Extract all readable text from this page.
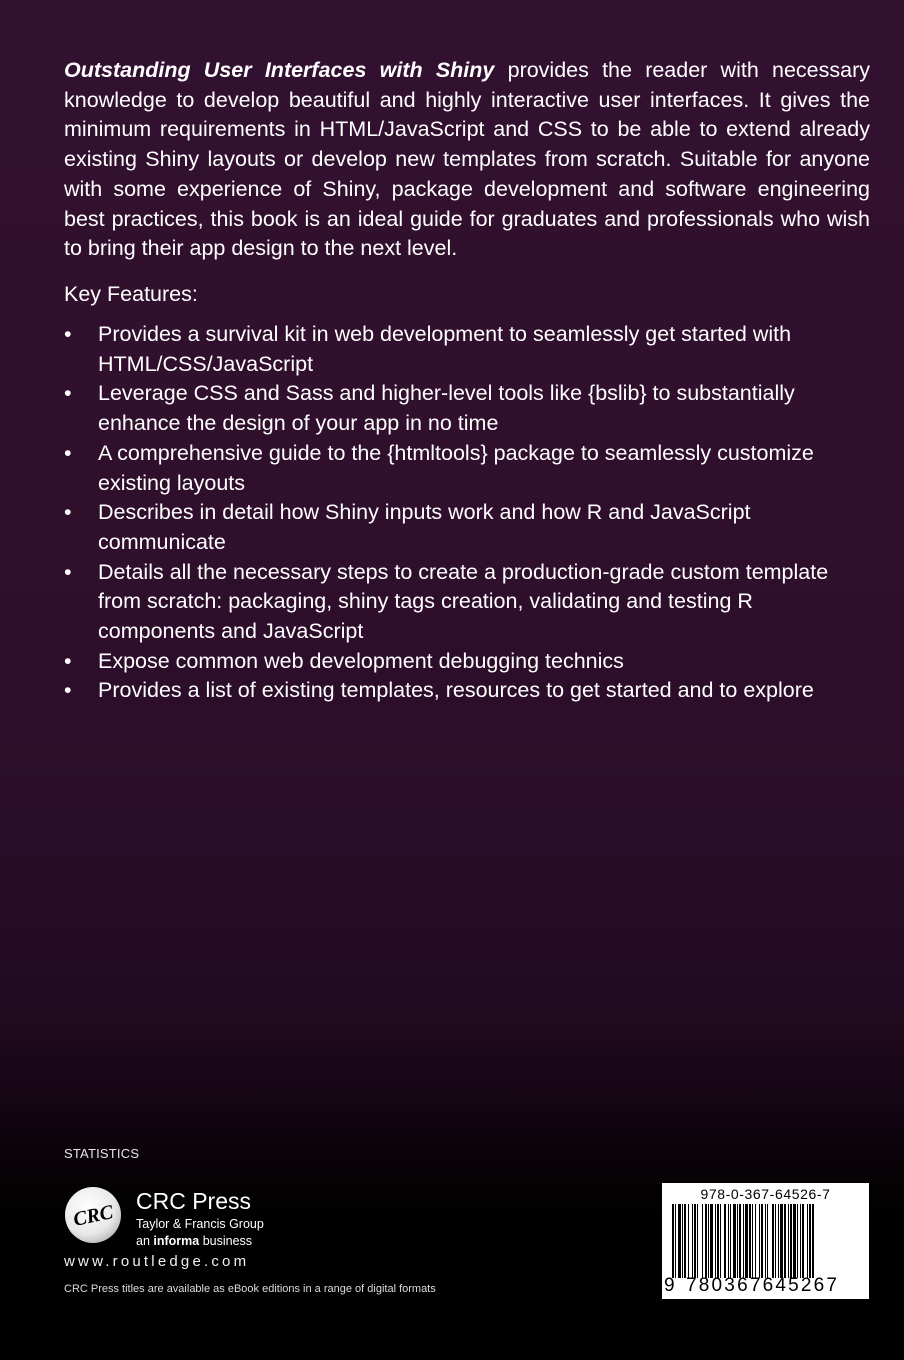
Outstanding User Interfaces with Shiny provides the reader with necessary knowledge to develop beautiful and highly interactive user interfaces. It gives the minimum requirements in HTML/JavaScript and CSS to be able to extend already existing Shiny layouts or develop new templates from scratch. Suitable for anyone with some experience of Shiny, package development and software engineering best practices, this book is an ideal guide for graduates and professionals who wish to bring their app design to the next level.

Key Features:

• Provides a survival kit in web development to seamlessly get started with HTML/CSS/JavaScript
• Leverage CSS and Sass and higher-level tools like {bslib} to substantially enhance the design of your app in no time
• A comprehensive guide to the {htmltools} package to seamlessly customize existing layouts
• Describes in detail how Shiny inputs work and how R and JavaScript communicate
• Details all the necessary steps to create a production-grade custom template from scratch: packaging, shiny tags creation, validating and testing R components and JavaScript
• Expose common web development debugging technics
• Provides a list of existing templates, resources to get started and to explore
STATISTICS
CRC
CRC Press
Taylor & Francis Group
an informa business
www.routledge.com
CRC Press titles are available as eBook editions in a range of digital formats
978-0-367-64526-7
9 780367645267
